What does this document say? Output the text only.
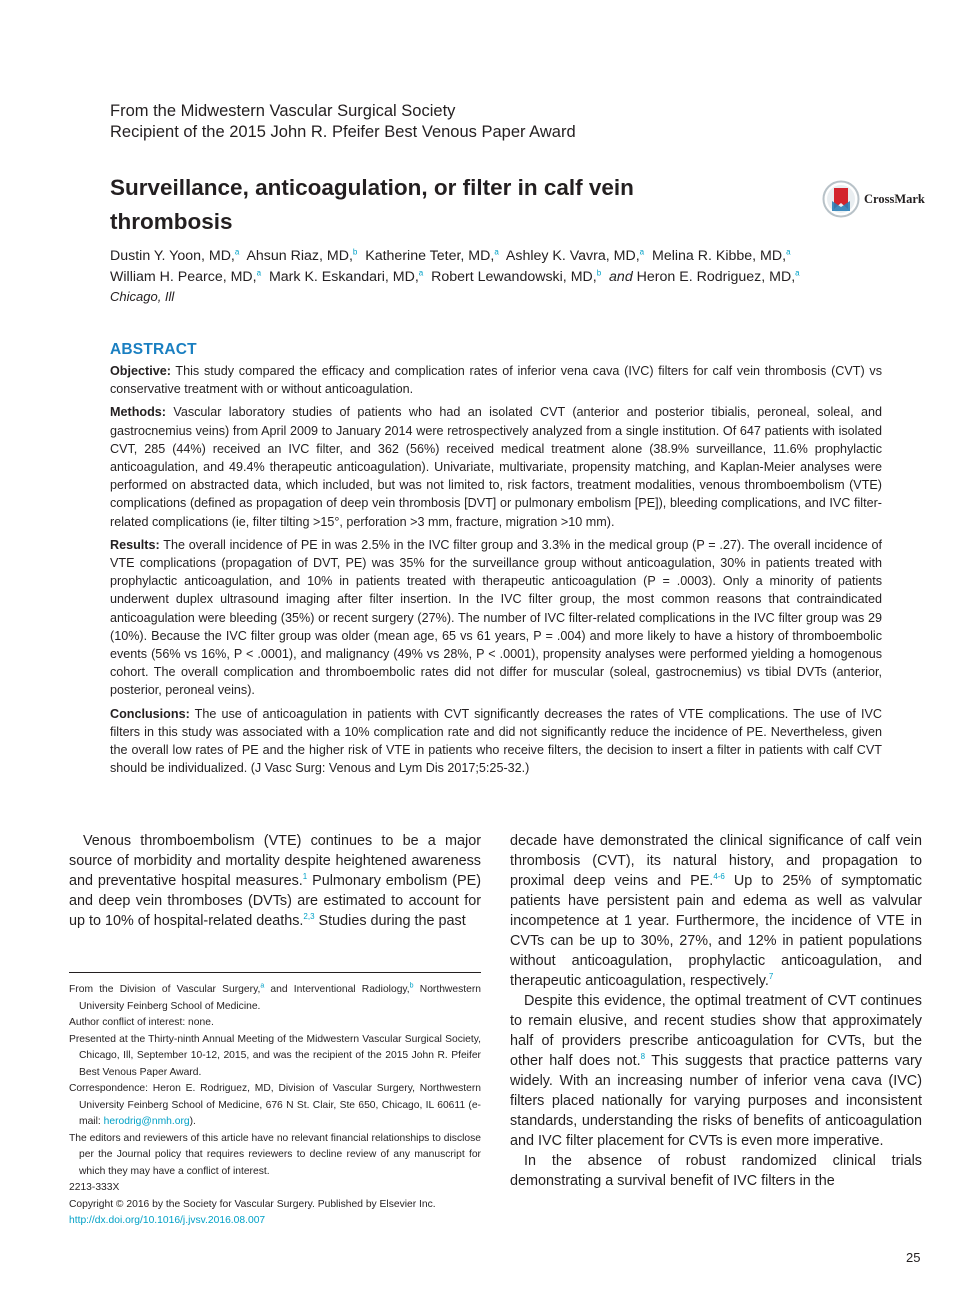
From the Midwestern Vascular Surgical Society
Recipient of the 2015 John R. Pfeifer Best Venous Paper Award
Surveillance, anticoagulation, or filter in calf vein
thrombosis
CrossMark
Dustin Y. Yoon, MD,$^a$ Ahsun Riaz, MD,$^b$ Katherine Teter, MD,$^a$ Ashley K. Vavra, MD,$^a$ Melina R. Kibbe, MD,$^a$
William H. Pearce, MD,$^a$ Mark K. Eskandari, MD,$^a$ Robert Lewandowski, MD,$^b$ and Heron E. Rodriguez, MD,$^a$
Chicago, Ill
ABSTRACT

Objective: This study compared the efficacy and complication rates of inferior vena cava (IVC) filters for calf vein thrombosis (CVT) vs conservative treatment with or without anticoagulation.

Methods: Vascular laboratory studies of patients who had an isolated CVT (anterior and posterior tibialis, peroneal, soleal, and gastrocnemius veins) from April 2009 to January 2014 were retrospectively analyzed from a single institution. Of 647 patients with isolated CVT, 285 (44%) received an IVC filter, and 362 (56%) received medical treatment alone (38.9% surveillance, 11.6% prophylactic anticoagulation, and 49.4% therapeutic anticoagulation). Univariate, multivariate, propensity matching, and Kaplan-Meier analyses were performed on abstracted data, which included, but was not limited to, risk factors, treatment modalities, venous thromboembolism (VTE) complications (defined as propagation of deep vein thrombosis [DVT] or pulmonary embolism [PE]), bleeding complications, and IVC filter-related complications (ie, filter tilting >15°, perforation >3 mm, fracture, migration >10 mm).

Results: The overall incidence of PE in was 2.5% in the IVC filter group and 3.3% in the medical group (P = .27). The overall incidence of VTE complications (propagation of DVT, PE) was 35% for the surveillance group without anticoagulation, 30% in patients treated with prophylactic anticoagulation, and 10% in patients treated with therapeutic anticoagulation (P = .0003). Only a minority of patients underwent duplex ultrasound imaging after filter insertion. In the IVC filter group, the most common reasons that contraindicated anticoagulation were bleeding (35%) or recent surgery (27%). The number of IVC filter-related complications in the IVC filter group was 29 (10%). Because the IVC filter group was older (mean age, 65 vs 61 years, P = .004) and more likely to have a history of thromboembolic events (56% vs 16%, P < .0001), and malignancy (49% vs 28%, P < .0001), propensity analyses were performed yielding a homogenous cohort. The overall complication and thromboembolic rates did not differ for muscular (soleal, gastrocnemius) vs tibial DVTs (anterior, posterior, peroneal veins).

Conclusions: The use of anticoagulation in patients with CVT significantly decreases the rates of VTE complications. The use of IVC filters in this study was associated with a 10% complication rate and did not significantly reduce the incidence of PE. Nevertheless, given the overall low rates of PE and the higher risk of VTE in patients who receive filters, the decision to insert a filter in patients with calf CVT should be individualized. (J Vasc Surg: Venous and Lym Dis 2017;5:25-32.)

Venous thromboembolism (VTE) continues to be a major source of morbidity and mortality despite heightened awareness and preventative hospital measures.$^1$ Pulmonary embolism (PE) and deep vein thromboses (DVTs) are estimated to account for up to 10% of hospital-related deaths.$^{2,3}$ Studies during the past

From the Division of Vascular Surgery,$^a$ and Interventional Radiology,$^b$ Northwestern University Feinberg School of Medicine.
Author conflict of interest: none.
Presented at the Thirty-ninth Annual Meeting of the Midwestern Vascular Surgical Society, Chicago, Ill, September 10-12, 2015, and was the recipient of the 2015 John R. Pfeifer Best Venous Paper Award.
Correspondence: Heron E. Rodriguez, MD, Division of Vascular Surgery, Northwestern University Feinberg School of Medicine, 676 N St. Clair, Ste 650, Chicago, IL 60611 (e-mail: herodrig@nmh.org).
The editors and reviewers of this article have no relevant financial relationships to disclose per the Journal policy that requires reviewers to decline review of any manuscript for which they may have a conflict of interest.
2213-333X
Copyright © 2016 by the Society for Vascular Surgery. Published by Elsevier Inc.
http://dx.doi.org/10.1016/j.jvsv.2016.08.007

decade have demonstrated the clinical significance of calf vein thrombosis (CVT), its natural history, and propagation to proximal deep veins and PE.$^{4-6}$ Up to 25% of symptomatic patients have persistent pain and edema as well as valvular incompetence at 1 year. Furthermore, the incidence of VTE in CVTs can be up to 30%, 27%, and 12% in patient populations without anticoagulation, prophylactic anticoagulation, and therapeutic anticoagulation, respectively.$^7$

Despite this evidence, the optimal treatment of CVT continues to remain elusive, and recent studies show that approximately half of providers prescribe anticoagulation for CVTs, but the other half does not.$^8$ This suggests that practice patterns vary widely. With an increasing number of inferior vena cava (IVC) filters placed nationally for varying purposes and inconsistent standards, understanding the risks of benefits of anticoagulation and IVC filter placement for CVTs is even more imperative.

In the absence of robust randomized clinical trials demonstrating a survival benefit of IVC filters in the

25
